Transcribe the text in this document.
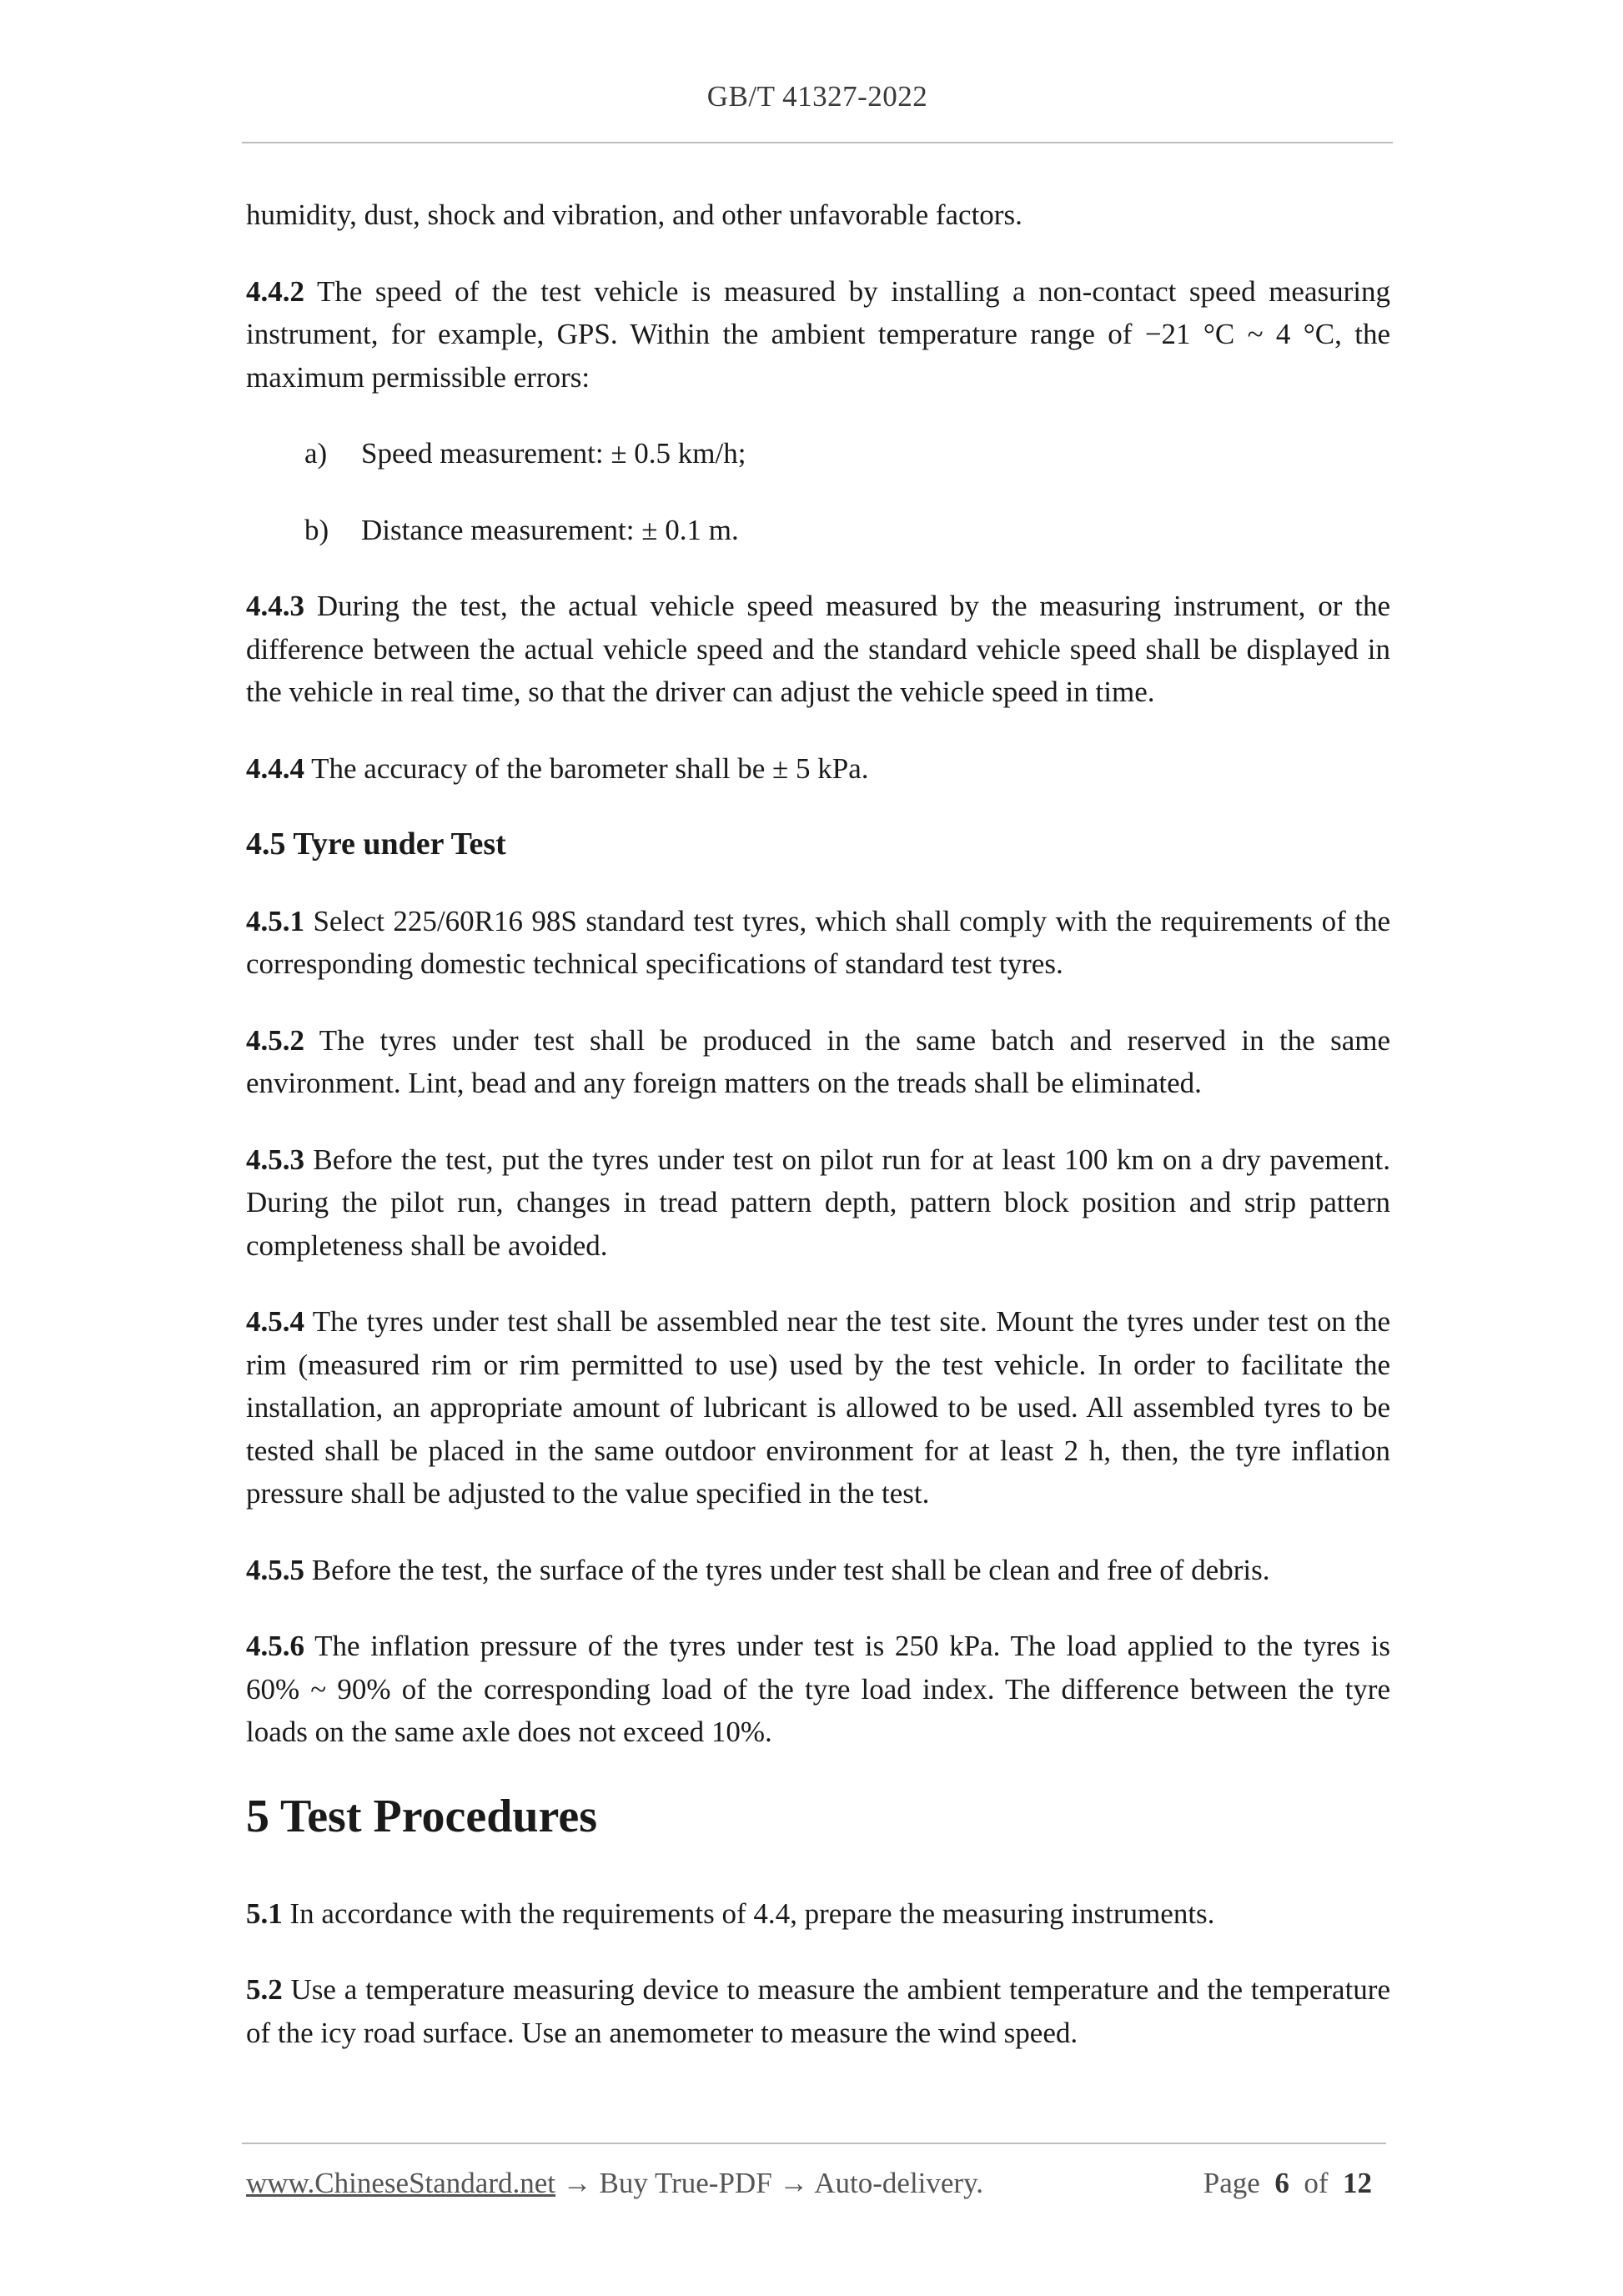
GB/T 41327-2022

humidity, dust, shock and vibration, and other unfavorable factors.

4.4.2 The speed of the test vehicle is measured by installing a non-contact speed measuring instrument, for example, GPS. Within the ambient temperature range of −21 °C ~ 4 °C, the maximum permissible errors:

a) Speed measurement: ± 0.5 km/h;
b) Distance measurement: ± 0.1 m.

4.4.3 During the test, the actual vehicle speed measured by the measuring instrument, or the difference between the actual vehicle speed and the standard vehicle speed shall be displayed in the vehicle in real time, so that the driver can adjust the vehicle speed in time.

4.4.4 The accuracy of the barometer shall be ± 5 kPa.

4.5 Tyre under Test

4.5.1 Select 225/60R16 98S standard test tyres, which shall comply with the requirements of the corresponding domestic technical specifications of standard test tyres.

4.5.2 The tyres under test shall be produced in the same batch and reserved in the same environment. Lint, bead and any foreign matters on the treads shall be eliminated.

4.5.3 Before the test, put the tyres under test on pilot run for at least 100 km on a dry pavement. During the pilot run, changes in tread pattern depth, pattern block position and strip pattern completeness shall be avoided.

4.5.4 The tyres under test shall be assembled near the test site. Mount the tyres under test on the rim (measured rim or rim permitted to use) used by the test vehicle. In order to facilitate the installation, an appropriate amount of lubricant is allowed to be used. All assembled tyres to be tested shall be placed in the same outdoor environment for at least 2 h, then, the tyre inflation pressure shall be adjusted to the value specified in the test.

4.5.5 Before the test, the surface of the tyres under test shall be clean and free of debris.

4.5.6 The inflation pressure of the tyres under test is 250 kPa. The load applied to the tyres is 60% ~ 90% of the corresponding load of the tyre load index. The difference between the tyre loads on the same axle does not exceed 10%.

5 Test Procedures

5.1 In accordance with the requirements of 4.4, prepare the measuring instruments.

5.2 Use a temperature measuring device to measure the ambient temperature and the temperature of the icy road surface. Use an anemometer to measure the wind speed.

www.ChineseStandard.net → Buy True-PDF → Auto-delivery.	Page 6 of 12
